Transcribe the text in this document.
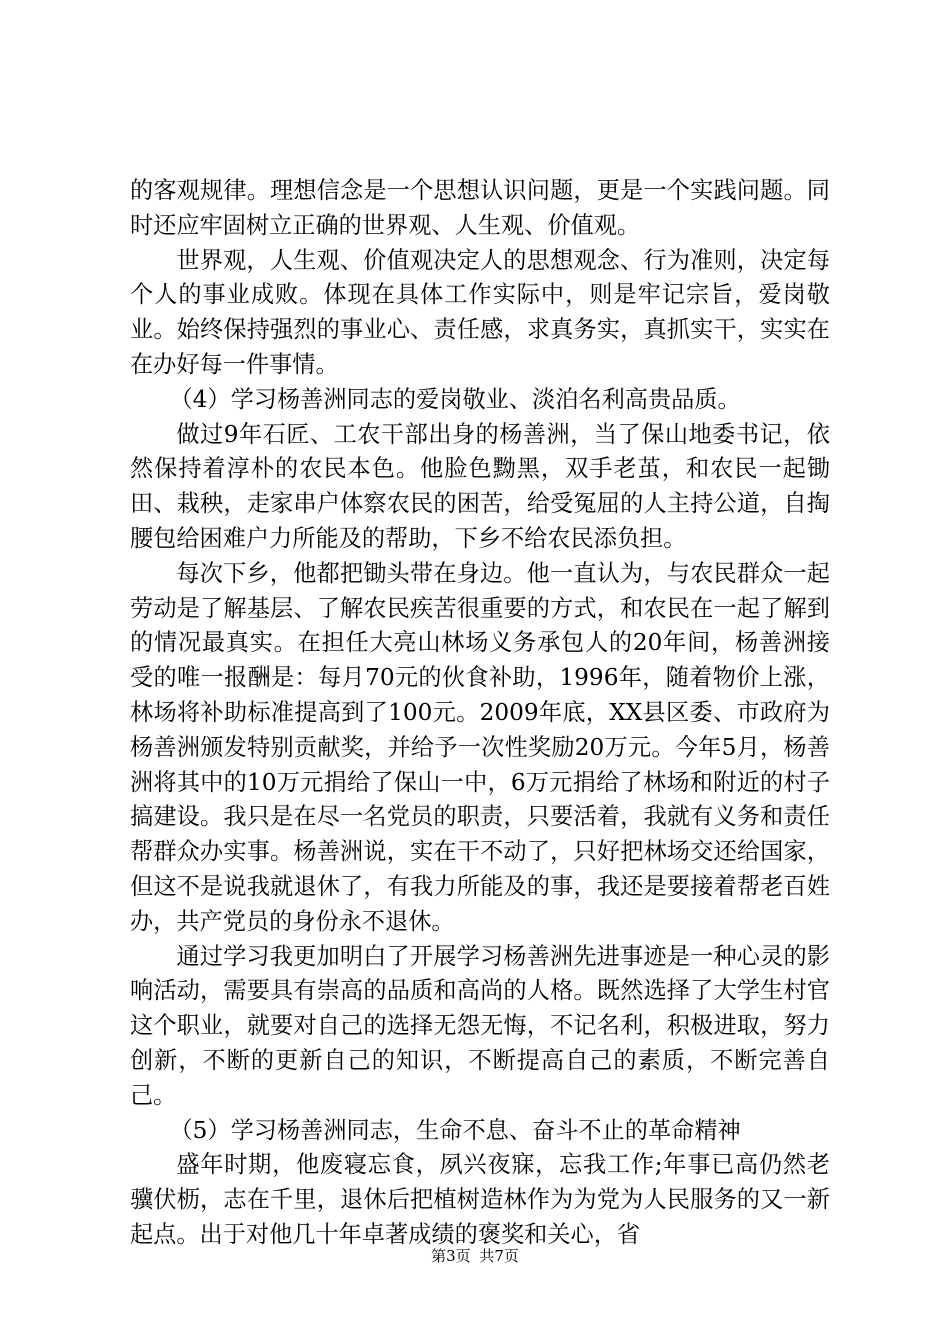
的客观规律。理想信念是一个思想认识问题，更是一个实践问题。同时还应牢固树立正确的世界观、人生观、价值观。

世界观，人生观、价值观决定人的思想观念、行为准则，决定每个人的事业成败。体现在具体工作实际中，则是牢记宗旨，爱岗敬业。始终保持强烈的事业心、责任感，求真务实，真抓实干，实实在在办好每一件事情。

（4）学习杨善洲同志的爱岗敬业、淡泊名利高贵品质。

做过9年石匠、工农干部出身的杨善洲，当了保山地委书记，依然保持着淳朴的农民本色。他脸色黝黑，双手老茧，和农民一起锄田、栽秧，走家串户体察农民的困苦，给受冤屈的人主持公道，自掏腰包给困难户力所能及的帮助，下乡不给农民添负担。

每次下乡，他都把锄头带在身边。他一直认为，与农民群众一起劳动是了解基层、了解农民疾苦很重要的方式，和农民在一起了解到的情况最真实。在担任大亮山林场义务承包人的20年间，杨善洲接受的唯一报酬是：每月70元的伙食补助，1996年，随着物价上涨，林场将补助标准提高到了100元。2009年底，XX县区委、市政府为杨善洲颁发特别贡献奖，并给予一次性奖励20万元。今年5月，杨善洲将其中的10万元捐给了保山一中，6万元捐给了林场和附近的村子搞建设。我只是在尽一名党员的职责，只要活着，我就有义务和责任帮群众办实事。杨善洲说，实在干不动了，只好把林场交还给国家，但这不是说我就退休了，有我力所能及的事，我还是要接着帮老百姓办，共产党员的身份永不退休。

通过学习我更加明白了开展学习杨善洲先进事迹是一种心灵的影响活动，需要具有崇高的品质和高尚的人格。既然选择了大学生村官这个职业，就要对自己的选择无怨无悔，不记名利，积极进取，努力创新，不断的更新自己的知识，不断提高自己的素质，不断完善自己。

（5）学习杨善洲同志，生命不息、奋斗不止的革命精神

盛年时期，他废寝忘食，夙兴夜寐，忘我工作;年事已高仍然老骥伏枥，志在千里，退休后把植树造林作为为党为人民服务的又一新起点。出于对他几十年卓著成绩的褒奖和关心，省

第3页 共7页
